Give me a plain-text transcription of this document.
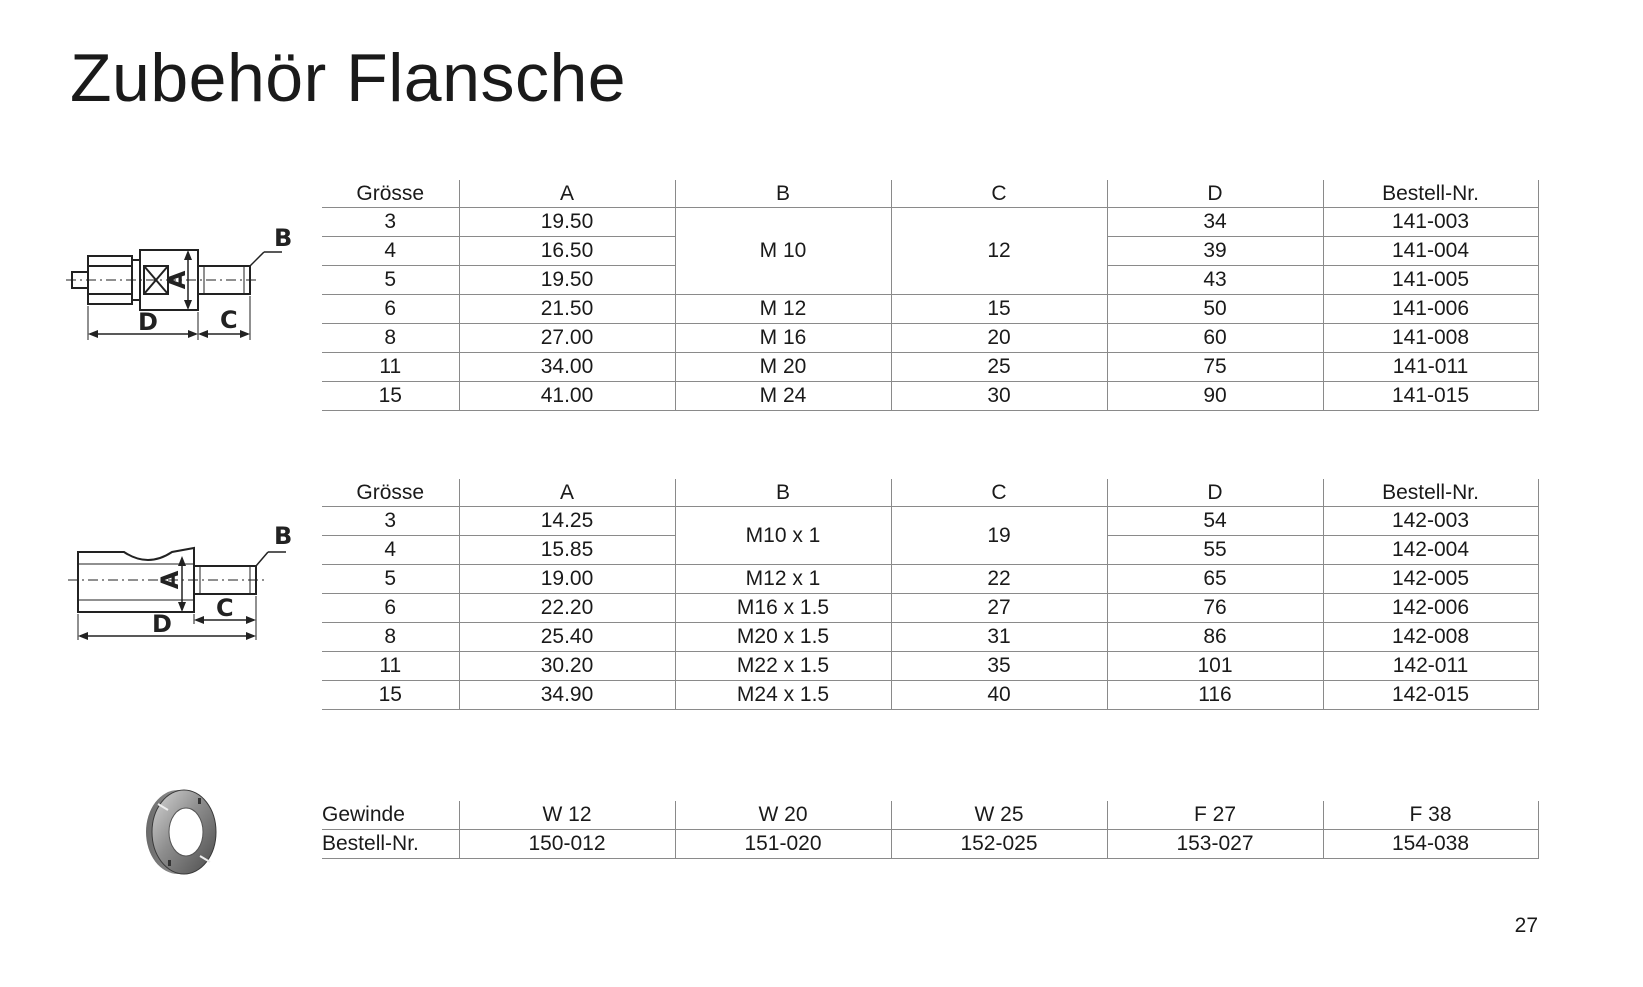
Zubehör Flansche
A
B
C
D
A
B
C
D
Grösse	A	B	C	D	Bestell-Nr.
3	19.50	M 10	12	34	141-003
4	16.50			39	141-004
5	19.50			43	141-005
6	21.50	M 12	15	50	141-006
8	27.00	M 16	20	60	141-008
11	34.00	M 20	25	75	141-011
15	41.00	M 24	30	90	141-015
Grösse	A	B	C	D	Bestell-Nr.
3	14.25	M10 x 1	19	54	142-003
4	15.85			55	142-004
5	19.00	M12 x 1	22	65	142-005
6	22.20	M16 x 1.5	27	76	142-006
8	25.40	M20 x 1.5	31	86	142-008
11	30.20	M22 x 1.5	35	101	142-011
15	34.90	M24 x 1.5	40	116	142-015
Gewinde	W 12	W 20	W 25	F 27	F 38
Bestell-Nr.	150-012	151-020	152-025	153-027	154-038
27
